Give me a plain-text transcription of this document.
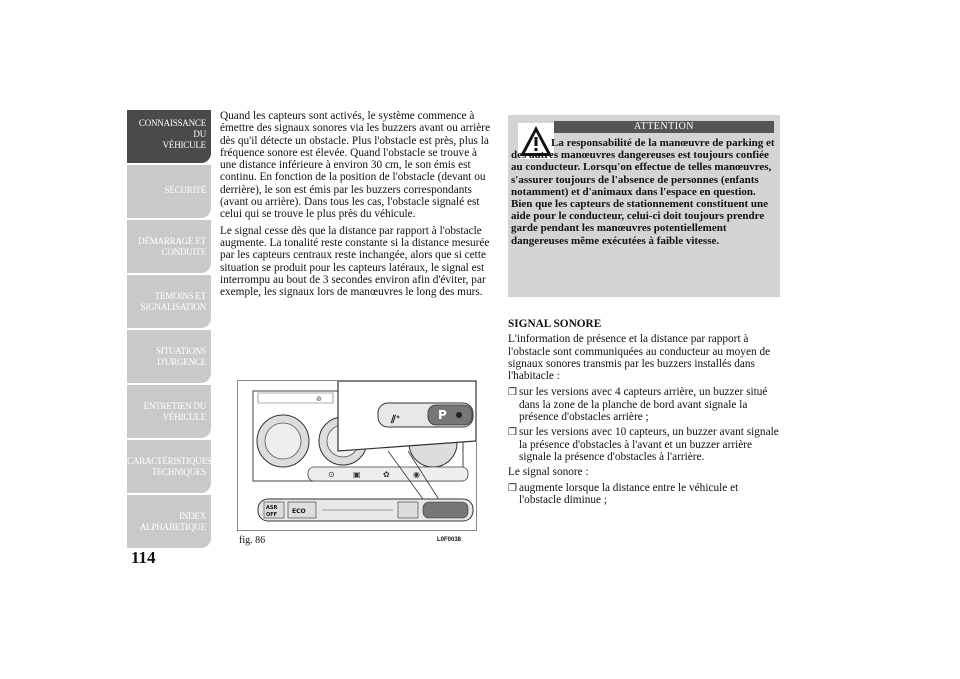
CONNAISSANCE DU
VÉHICULE
SÉCURITÉ
DÉMARRAGE ET
CONDUITE
TEMOINS ET
SIGNALISATION
SITUATIONS
D'URGENCE
ENTRETIEN DU
VÉHICULE
CARACTÉRISTIQUES
TECHNIQUES
INDEX
ALPHABETIQUE
114

Quand les capteurs sont activés, le système commence à émettre des signaux sonores via les buzzers avant ou arrière dès qu'il détecte un obstacle. Plus l'obstacle est près, plus la fréquence sonore est élevée. Quand l'obstacle se trouve à une distance inférieure à environ 30 cm, le son émis est continu. En fonction de la position de l'obstacle (devant ou derrière), le son est émis par les buzzers correspondants (avant ou arrière). Dans tous les cas, l'obstacle signalé est celui qui se trouve le plus près du véhicule.

Le signal cesse dès que la distance par rapport à l'obstacle augmente. La tonalité reste constante si la distance mesurée par les capteurs centraux reste inchangée, alors que si cette situation se produit pour les capteurs latéraux, le signal est interrompu au bout de 3 secondes environ afin d'éviter, par exemple, les signaux lors de manœuvres le long des murs.

⊘
⊙ ▣	✿	◉
P
⫽ᐩ
ASR
OFF ECO
fig. 86	L0F0038
ATTENTION
La responsabilité de la manœuvre de parking et des autres manœuvres dangereuses est toujours confiée au conducteur. Lorsqu'on effectue de telles manœuvres, s'assurer toujours de l'absence de personnes (enfants notamment) et d'animaux dans l'espace en question. Bien que les capteurs de stationnement constituent une aide pour le conducteur, celui-ci doit toujours prendre garde pendant les manœuvres potentiellement dangereuses même exécutées à faible vitesse.
SIGNAL SONORE

L'information de présence et la distance par rapport à l'obstacle sont communiquées au conducteur au moyen de signaux sonores transmis par les buzzers installés dans l'habitacle :

❒ sur les versions avec 4 capteurs arrière, un buzzer situé dans la zone de la planche de bord avant signale la présence d'obstacles arrière ;
❒ sur les versions avec 10 capteurs, un buzzer avant signale la présence d'obstacles à l'avant et un buzzer arrière signale la présence d'obstacles à l'arrière.

Le signal sonore :

❒ augmente lorsque la distance entre le véhicule et l'obstacle diminue ;
